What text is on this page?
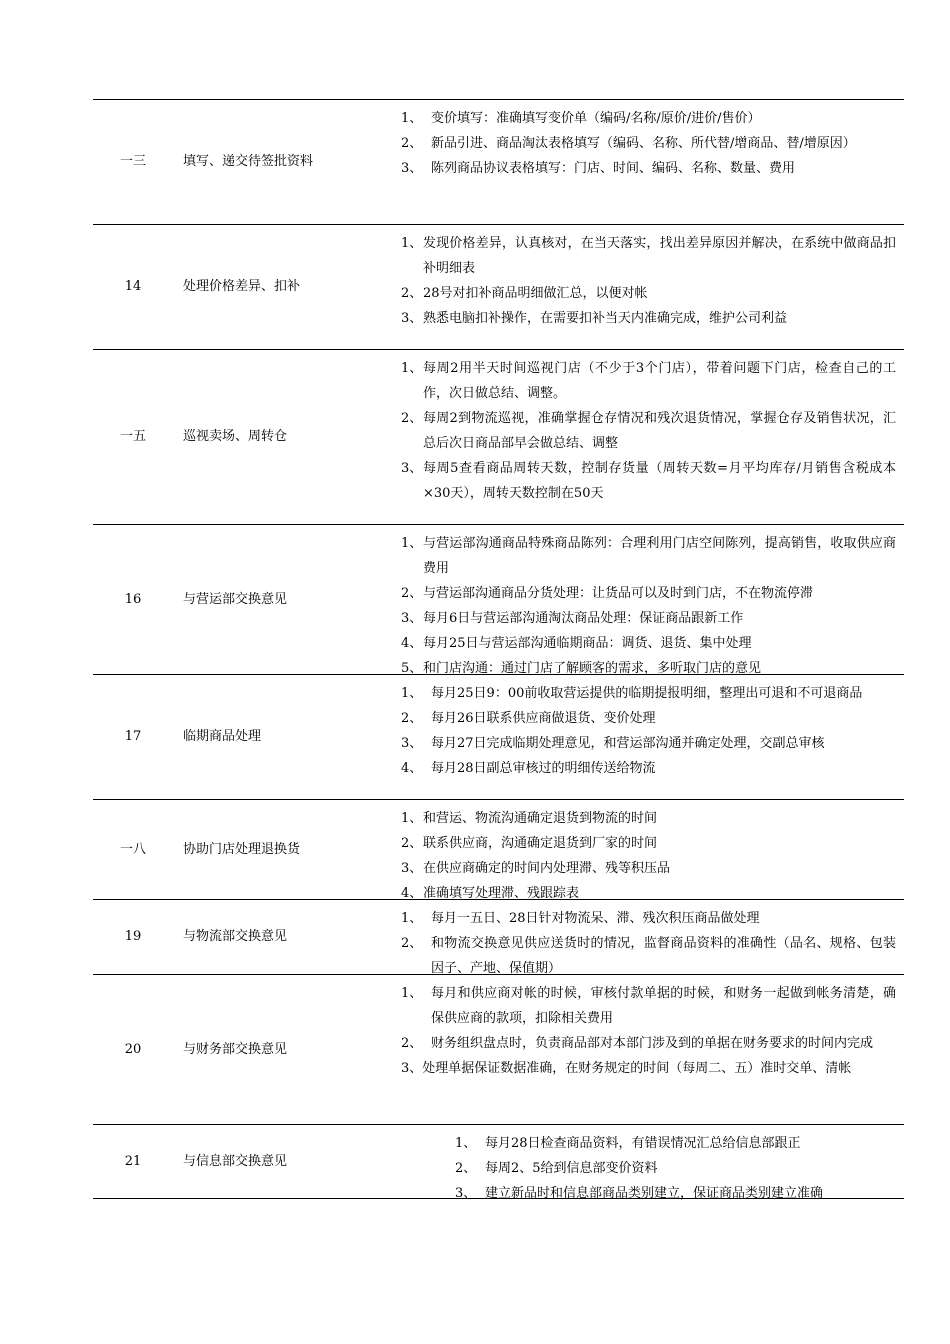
一三	填写、递交待签批资料
1、 变价填写：准确填写变价单（编码/名称/原价/进价/售价）
2、 新品引进、商品淘汰表格填写（编码、名称、所代替/增商品、替/增原因）
3、 陈列商品协议表格填写：门店、时间、编码、名称、数量、费用
14	处理价格差异、扣补
1、 发现价格差异，认真核对，在当天落实，找出差异原因并解决，在系统中做商品扣补明细表
2、 28号对扣补商品明细做汇总，以便对帐
3、 熟悉电脑扣补操作，在需要扣补当天内准确完成，维护公司利益
一五	巡视卖场、周转仓
1、 每周2用半天时间巡视门店（不少于3个门店），带着问题下门店，检查自己的工作，次日做总结、调整。
2、 每周2到物流巡视，准确掌握仓存情况和残次退货情况，掌握仓存及销售状况，汇总后次日商品部早会做总结、调整
3、 每周5查看商品周转天数，控制存货量（周转天数=月平均库存/月销售含税成本×30天），周转天数控制在50天
16	与营运部交换意见
1、 与营运部沟通商品特殊商品陈列：合理利用门店空间陈列，提高销售，收取供应商费用
2、 与营运部沟通商品分货处理：让货品可以及时到门店，不在物流停滞
3、 每月6日与营运部沟通淘汰商品处理：保证商品跟新工作
4、 每月25日与营运部沟通临期商品：调货、退货、集中处理
5、 和门店沟通：通过门店了解顾客的需求，多听取门店的意见
17	临期商品处理
1、 每月25日9：00前收取营运提供的临期提报明细，整理出可退和不可退商品
2、 每月26日联系供应商做退货、变价处理
3、 每月27日完成临期处理意见，和营运部沟通并确定处理，交副总审核
4、 每月28日副总审核过的明细传送给物流
一八	协助门店处理退换货
1、 和营运、物流沟通确定退货到物流的时间
2、 联系供应商，沟通确定退货到厂家的时间
3、 在供应商确定的时间内处理滞、残等积压品
4、 准确填写处理滞、残跟踪表
19	与物流部交换意见
1、 每月一五日、28日针对物流呆、滞、残次积压商品做处理
2、 和物流交换意见供应送货时的情况，监督商品资料的准确性（品名、规格、包装因子、产地、保值期）
20	与财务部交换意见
1、 每月和供应商对帐的时候，审核付款单据的时候，和财务一起做到帐务清楚，确保供应商的款项，扣除相关费用
2、 财务组织盘点时，负责商品部对本部门涉及到的单据在财务要求的时间内完成
3、处理单据保证数据准确，在财务规定的时间（每周二、五）准时交单、清帐
21	与信息部交换意见
1、 每月28日检查商品资料，有错误情况汇总给信息部跟正
2、 每周2、5给到信息部变价资料
3、 建立新品时和信息部商品类别建立，保证商品类别建立准确
